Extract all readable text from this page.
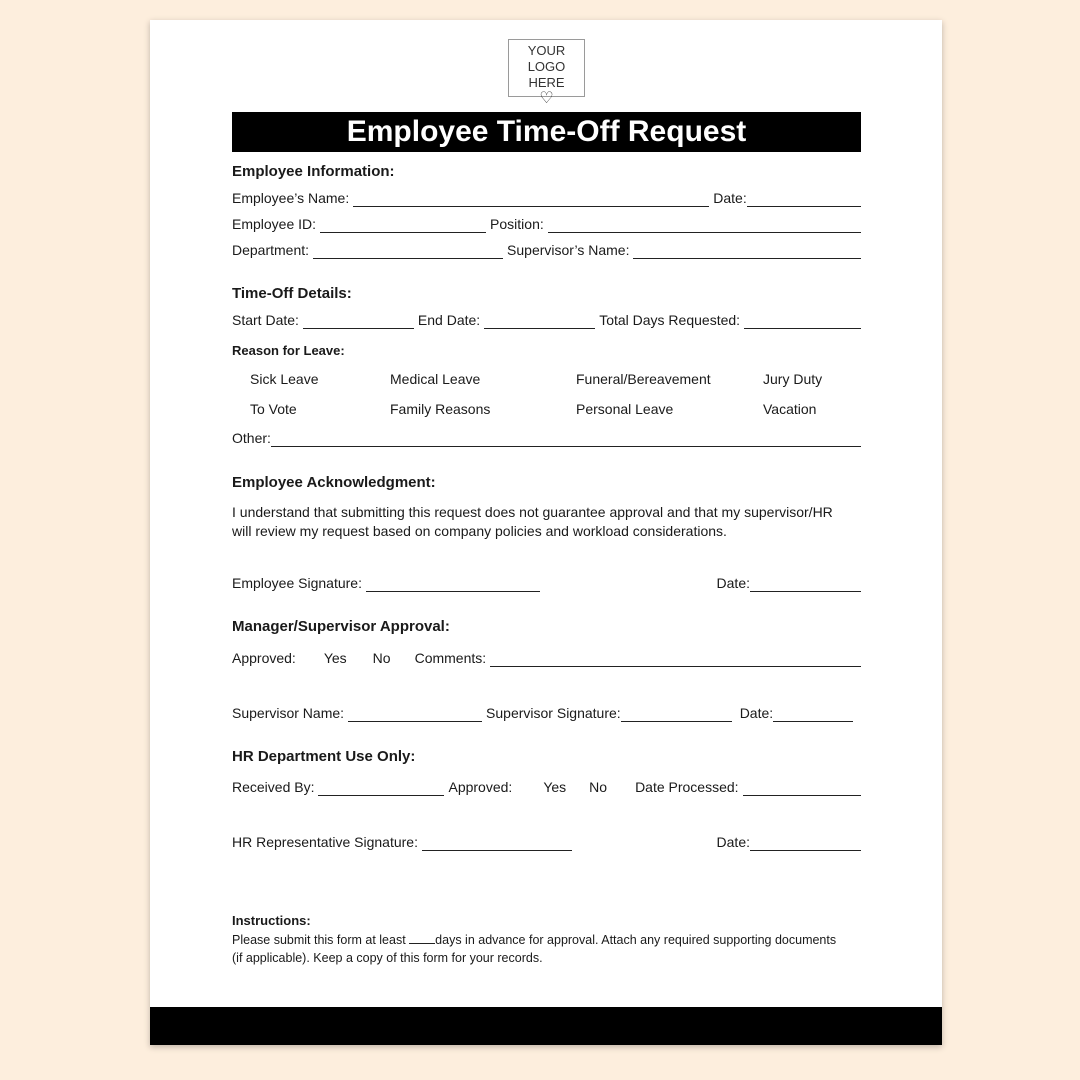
YOUR LOGO
HERE
♡
Employee Time-Off Request
Employee Information:
Employee’s Name:	Date:
Employee ID:	Position:
Department:	Supervisor’s Name:
Time-Off Details:
Start Date:	End Date:	Total Days Requested:
Reason for Leave:
Sick Leave	Medical Leave	Funeral/Bereavement	Jury Duty
To Vote	Family Reasons	Personal Leave	Vacation
Other:
Employee Acknowledgment:
I understand that submitting this request does not guarantee approval and that my supervisor/HR
will review my request based on company policies and workload considerations.
Employee Signature:	Date:
Manager/Supervisor Approval:
Approved: Yes No Comments:
Supervisor Name:	Supervisor Signature:	Date:
HR Department Use Only:
Received By:	Approved: Yes No Date Processed:
HR Representative Signature:	Date:
Instructions:
Please submit this form at least days in advance for approval. Attach any required supporting documents
(if applicable). Keep a copy of this form for your records.
